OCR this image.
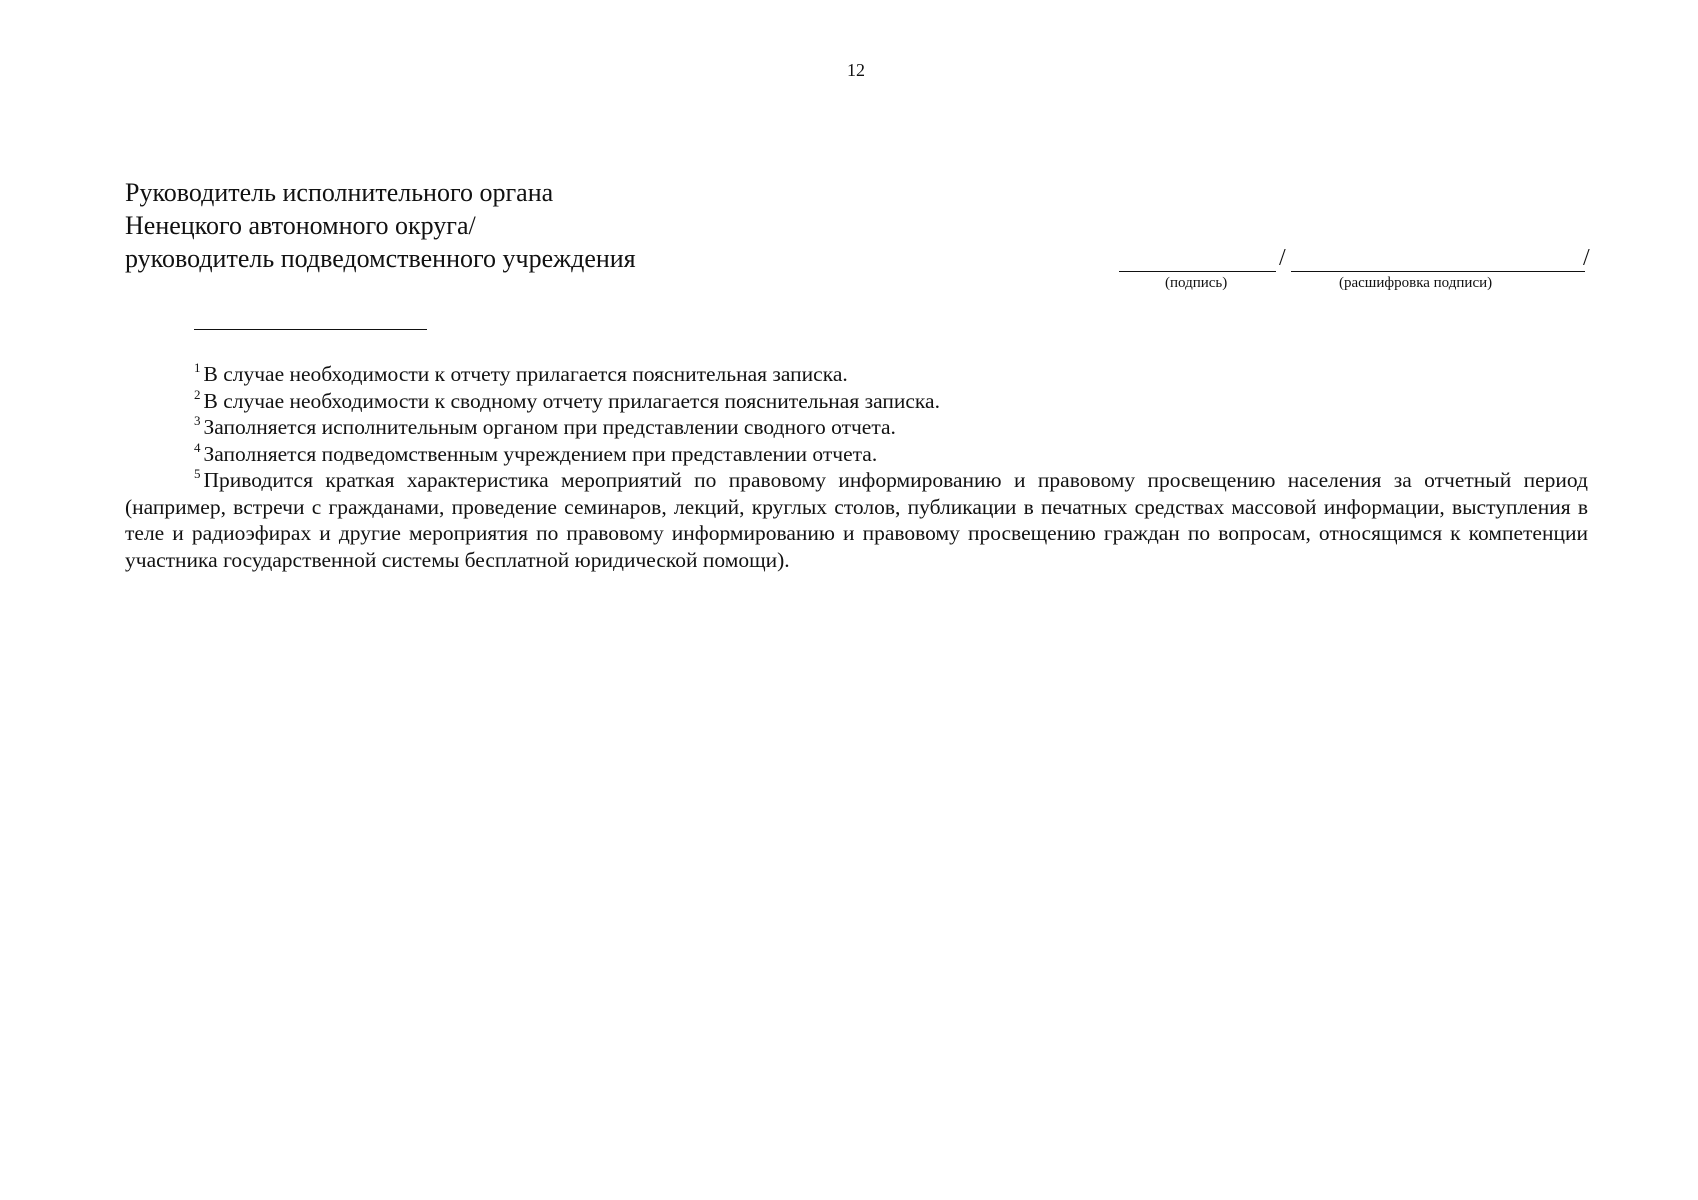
12
Руководитель исполнительного органа
Ненецкого автономного округа/
руководитель подведомственного учреждения	/	/
(подпись)	(расшифровка подписи)
$^1$ В случае необходимости к отчету прилагается пояснительная записка.
$^2$ В случае необходимости к сводному отчету прилагается пояснительная записка.
$^3$ Заполняется исполнительным органом при представлении сводного отчета.
$^4$ Заполняется подведомственным учреждением при представлении отчета.
$^5$ Приводится краткая характеристика мероприятий по правовому информированию и правовому просвещению населения за отчетный период (например, встречи с гражданами, проведение семинаров, лекций, круглых столов, публикации в печатных средствах массовой информации, выступления в теле и радиоэфирах и другие мероприятия по правовому информированию и правовому просвещению граждан по вопросам, относящимся к компетенции участника государственной системы бесплатной юридической помощи).
